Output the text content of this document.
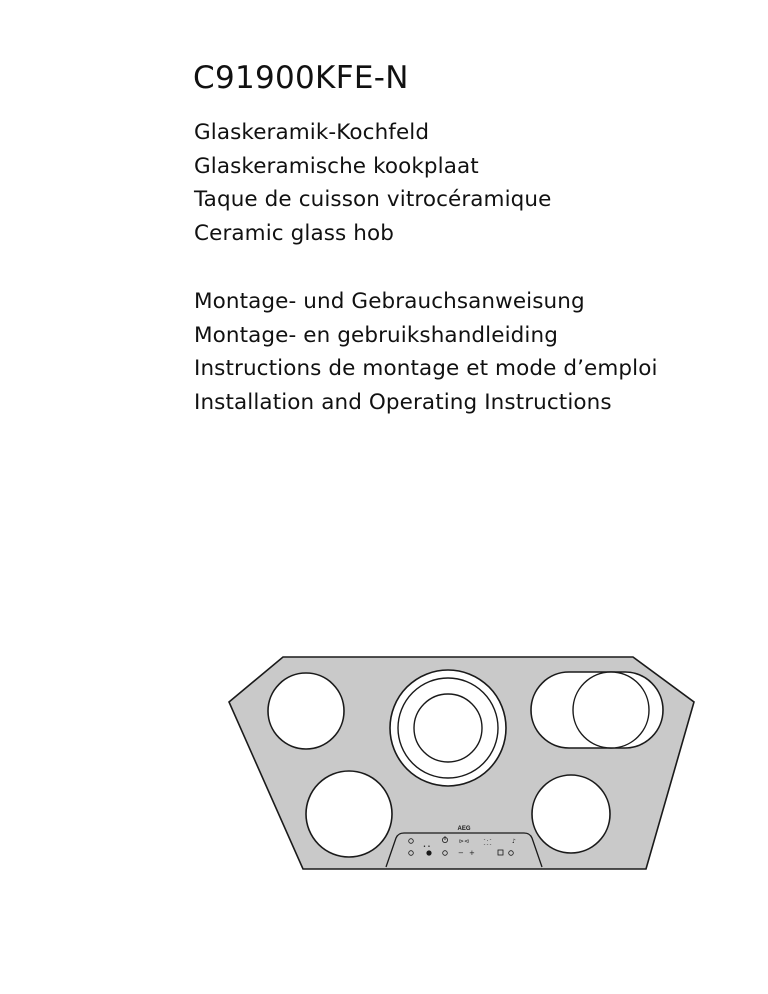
C91900KFE-N
Glaskeramik-Kochfeld
Glaskeramische kookplaat
Taque de cuisson vitrocéramique
Ceramic glass hob
Montage- und Gebrauchsanweisung
Montage- en gebruikshandleiding
Instructions de montage et mode d’emploi
Installation and Operating Instructions
AEG
⊳⊲	-.-
---	♪
• •
− +
